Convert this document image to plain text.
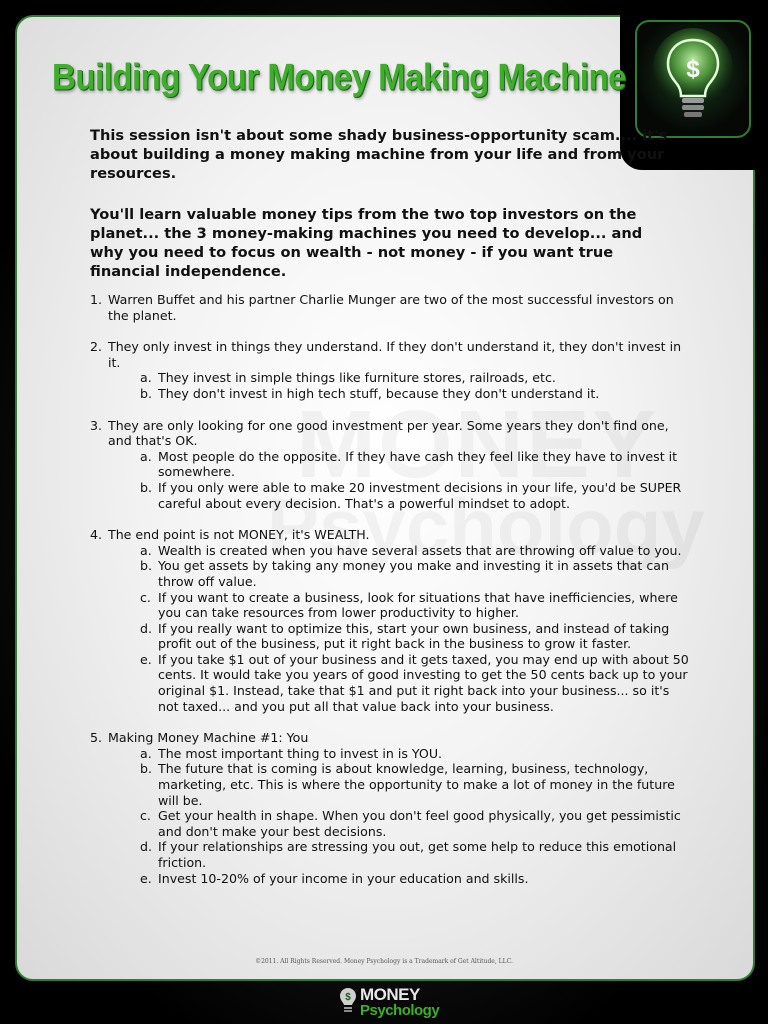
$
Building Your Money Making Machine

This session isn't about some shady business-opportunity scam.... it's about building a money making machine from your life and from your resources.

You'll learn valuable money tips from the two top investors on the planet... the 3 money-making machines you need to develop... and why you need to focus on wealth - not money - if you want true financial independence.

1. Warren Buffet and his partner Charlie Munger are two of the most successful investors on the planet.
2. They only invest in things they understand. If they don't understand it, they don't invest in it.
a. They invest in simple things like furniture stores, railroads, etc.
b. They don't invest in high tech stuff, because they don't understand it.
3. They are only looking for one good investment per year. Some years they don't find one, and that's OK.
a. Most people do the opposite. If they have cash they feel like they have to invest it somewhere.
b. If you only were able to make 20 investment decisions in your life, you'd be SUPER careful about every decision. That's a powerful mindset to adopt.
4. The end point is not MONEY, it's WEALTH.
a. Wealth is created when you have several assets that are throwing off value to you.
b. You get assets by taking any money you make and investing it in assets that can throw off value.
c. If you want to create a business, look for situations that have inefficiencies, where you can take resources from lower productivity to higher.
d. If you really want to optimize this, start your own business, and instead of taking profit out of the business, put it right back in the business to grow it faster.
e. If you take $1 out of your business and it gets taxed, you may end up with about 50 cents. It would take you years of good investing to get the 50 cents back up to your original $1. Instead, take that $1 and put it right back into your business... so it's not taxed... and you put all that value back into your business.
5. Making Money Machine #1: You
a. The most important thing to invest in is YOU.
b. The future that is coming is about knowledge, learning, business, technology, marketing, etc. This is where the opportunity to make a lot of money in the future will be.
c. Get your health in shape. When you don't feel good physically, you get pessimistic and don't make your best decisions.
d. If your relationships are stressing you out, get some help to reduce this emotional friction.
e. Invest 10-20% of your income in your education and skills.
©2011. All Rights Reserved. Money Psychology is a Trademark of Get Altitude, LLC.
$ MONEY
Psychology
